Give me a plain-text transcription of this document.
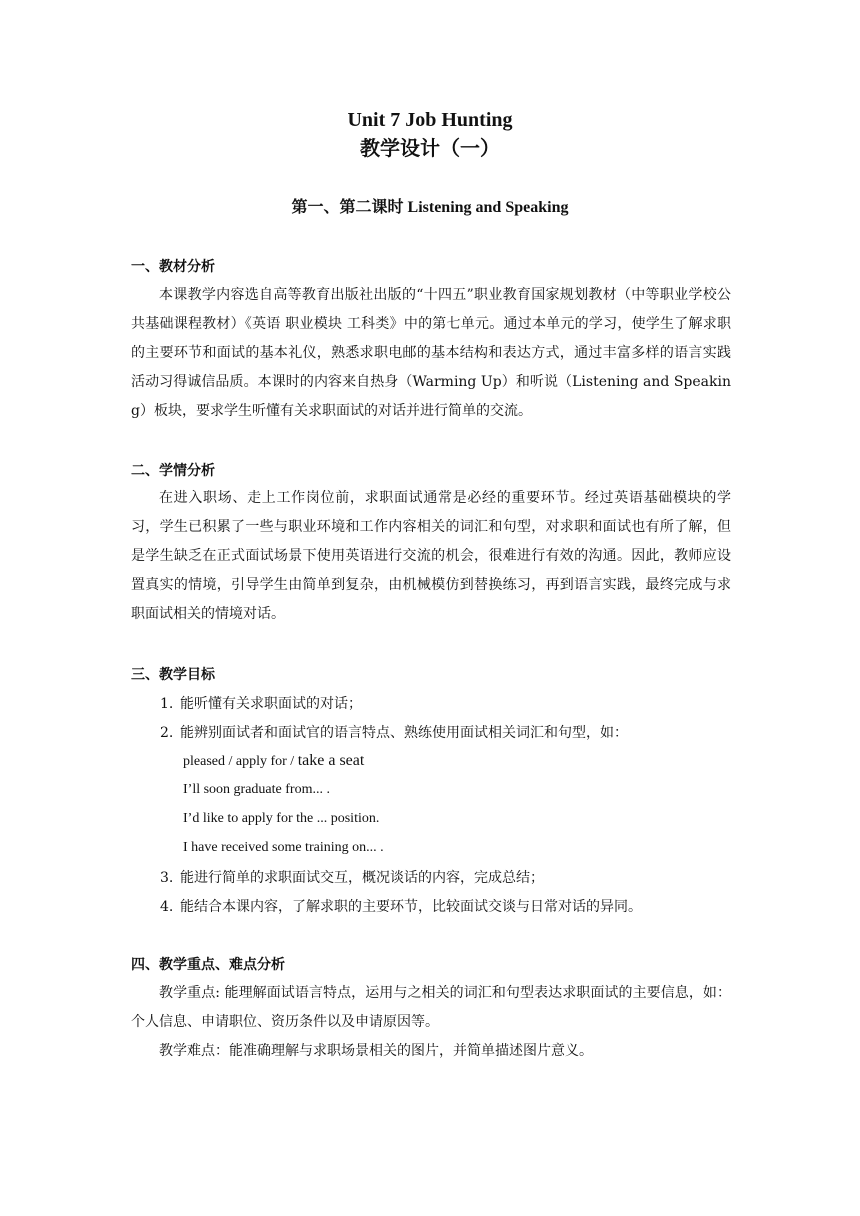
Unit 7 Job Hunting
教学设计（一）
第一、第二课时 Listening and Speaking
一、教材分析
本课教学内容选自高等教育出版社出版的“十四五”职业教育国家规划教材（中等职业学校公共基础课程教材）《英语 职业模块 工科类》中的第七单元。通过本单元的学习，使学生了解求职的主要环节和面试的基本礼仪，熟悉求职电邮的基本结构和表达方式，通过丰富多样的语言实践活动习得诚信品质。本课时的内容来自热身（Warming Up）和听说（Listening and Speaking）板块，要求学生听懂有关求职面试的对话并进行简单的交流。
二、学情分析
在进入职场、走上工作岗位前，求职面试通常是必经的重要环节。经过英语基础模块的学习，学生已积累了一些与职业环境和工作内容相关的词汇和句型，对求职和面试也有所了解，但是学生缺乏在正式面试场景下使用英语进行交流的机会，很难进行有效的沟通。因此，教师应设置真实的情境，引导学生由简单到复杂，由机械模仿到替换练习，再到语言实践，最终完成与求职面试相关的情境对话。
三、教学目标
1. 能听懂有关求职面试的对话；
2. 能辨别面试者和面试官的语言特点、熟练使用面试相关词汇和句型，如：
pleased / apply for / take a seat
I’ll soon graduate from... .
I’d like to apply for the ... position.
I have received some training on... .
3. 能进行简单的求职面试交互，概况谈话的内容，完成总结；
4. 能结合本课内容，了解求职的主要环节，比较面试交谈与日常对话的异同。
四、教学重点、难点分析
教学重点: 能理解面试语言特点，运用与之相关的词汇和句型表达求职面试的主要信息，如：个人信息、申请职位、资历条件以及申请原因等。
教学难点：能准确理解与求职场景相关的图片，并简单描述图片意义。
